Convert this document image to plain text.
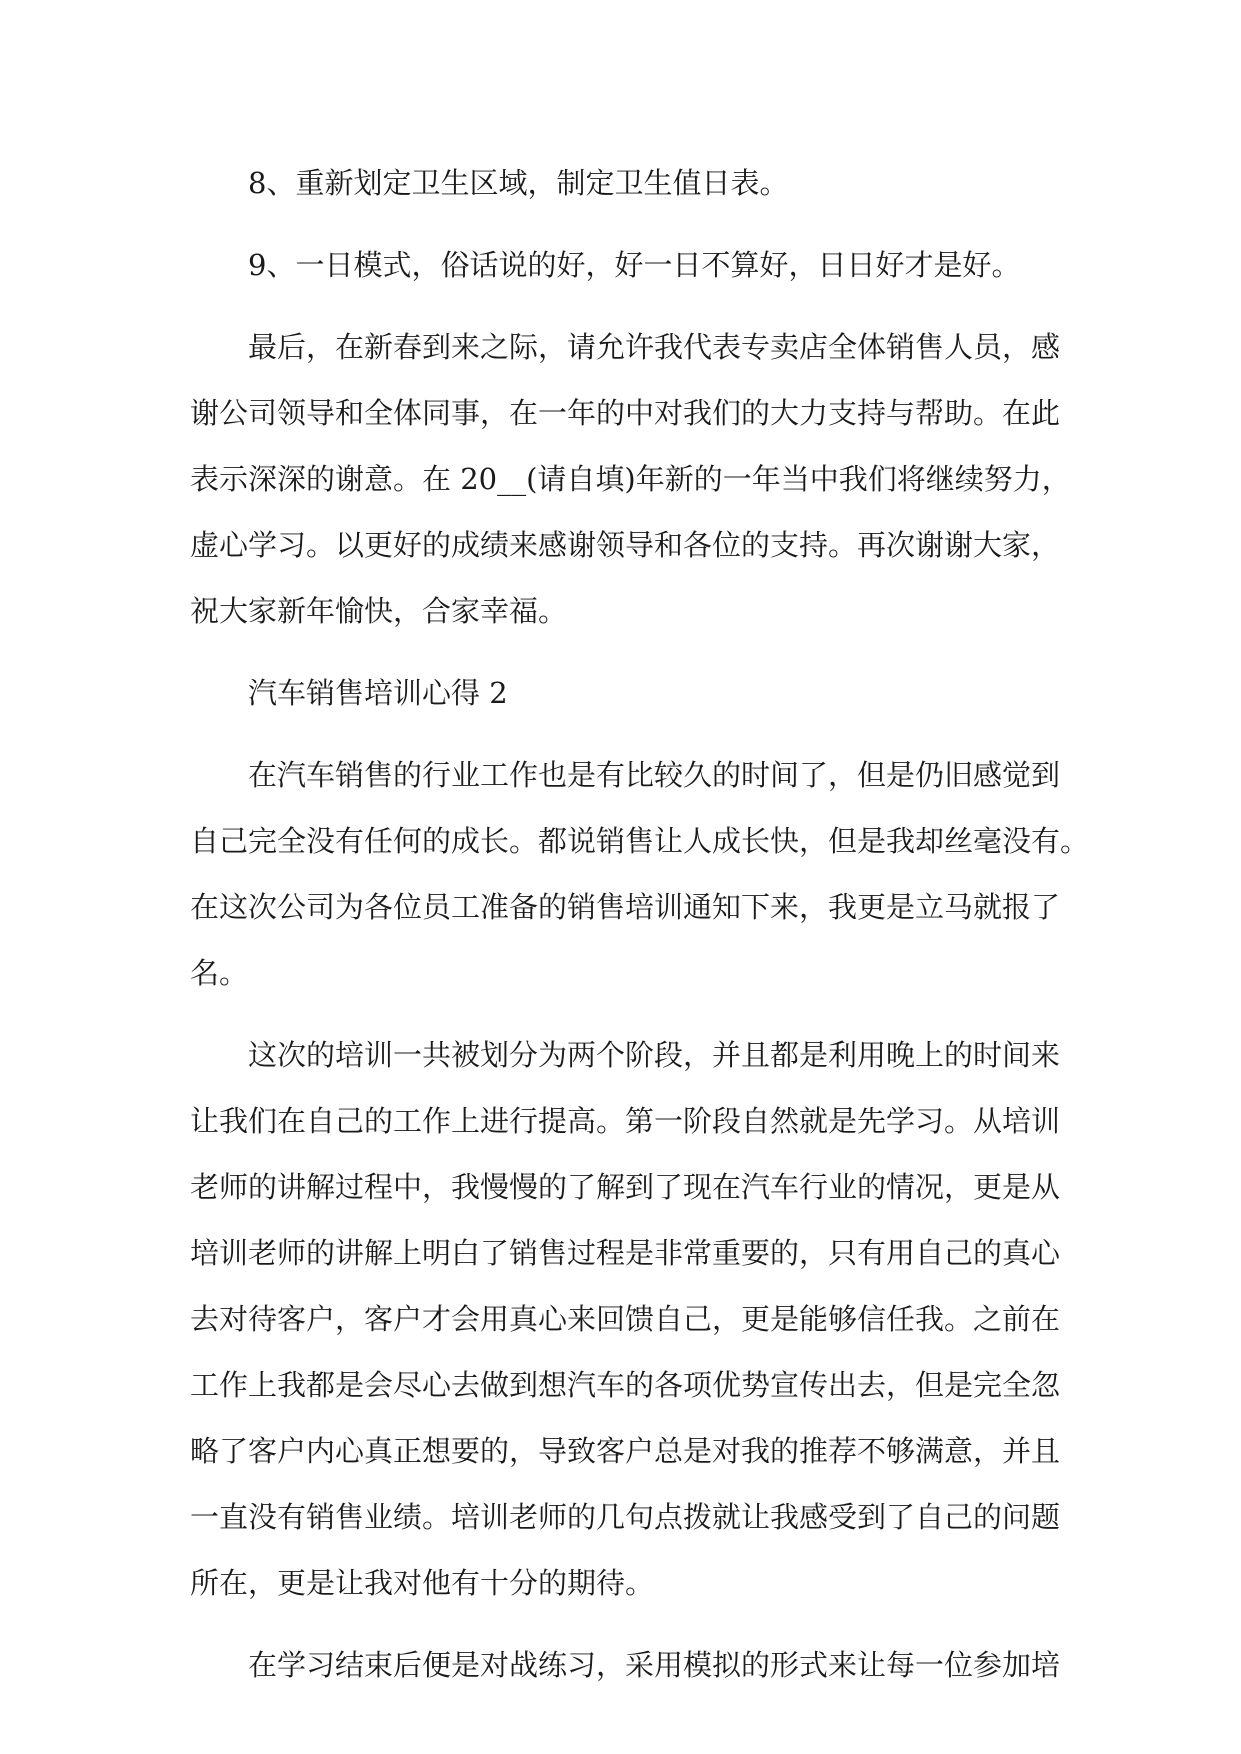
8、重新划定卫生区域，制定卫生值日表。

9、一日模式，俗话说的好，好一日不算好，日日好才是好。

最后，在新春到来之际，请允许我代表专卖店全体销售人员，感
谢公司领导和全体同事，在一年的中对我们的大力支持与帮助。在此
表示深深的谢意。在 20__(请自填)年新的一年当中我们将继续努力，
虚心学习。以更好的成绩来感谢领导和各位的支持。再次谢谢大家，
祝大家新年愉快，合家幸福。

汽车销售培训心得 2

在汽车销售的行业工作也是有比较久的时间了，但是仍旧感觉到
自己完全没有任何的成长。都说销售让人成长快，但是我却丝毫没有。
在这次公司为各位员工准备的销售培训通知下来，我更是立马就报了
名。

这次的培训一共被划分为两个阶段，并且都是利用晚上的时间来
让我们在自己的工作上进行提高。第一阶段自然就是先学习。从培训
老师的讲解过程中，我慢慢的了解到了现在汽车行业的情况，更是从
培训老师的讲解上明白了销售过程是非常重要的，只有用自己的真心
去对待客户，客户才会用真心来回馈自己，更是能够信任我。之前在
工作上我都是会尽心去做到想汽车的各项优势宣传出去，但是完全忽
略了客户内心真正想要的，导致客户总是对我的推荐不够满意，并且
一直没有销售业绩。培训老师的几句点拨就让我感受到了自己的问题
所在，更是让我对他有十分的期待。

在学习结束后便是对战练习，采用模拟的形式来让每一位参加培
